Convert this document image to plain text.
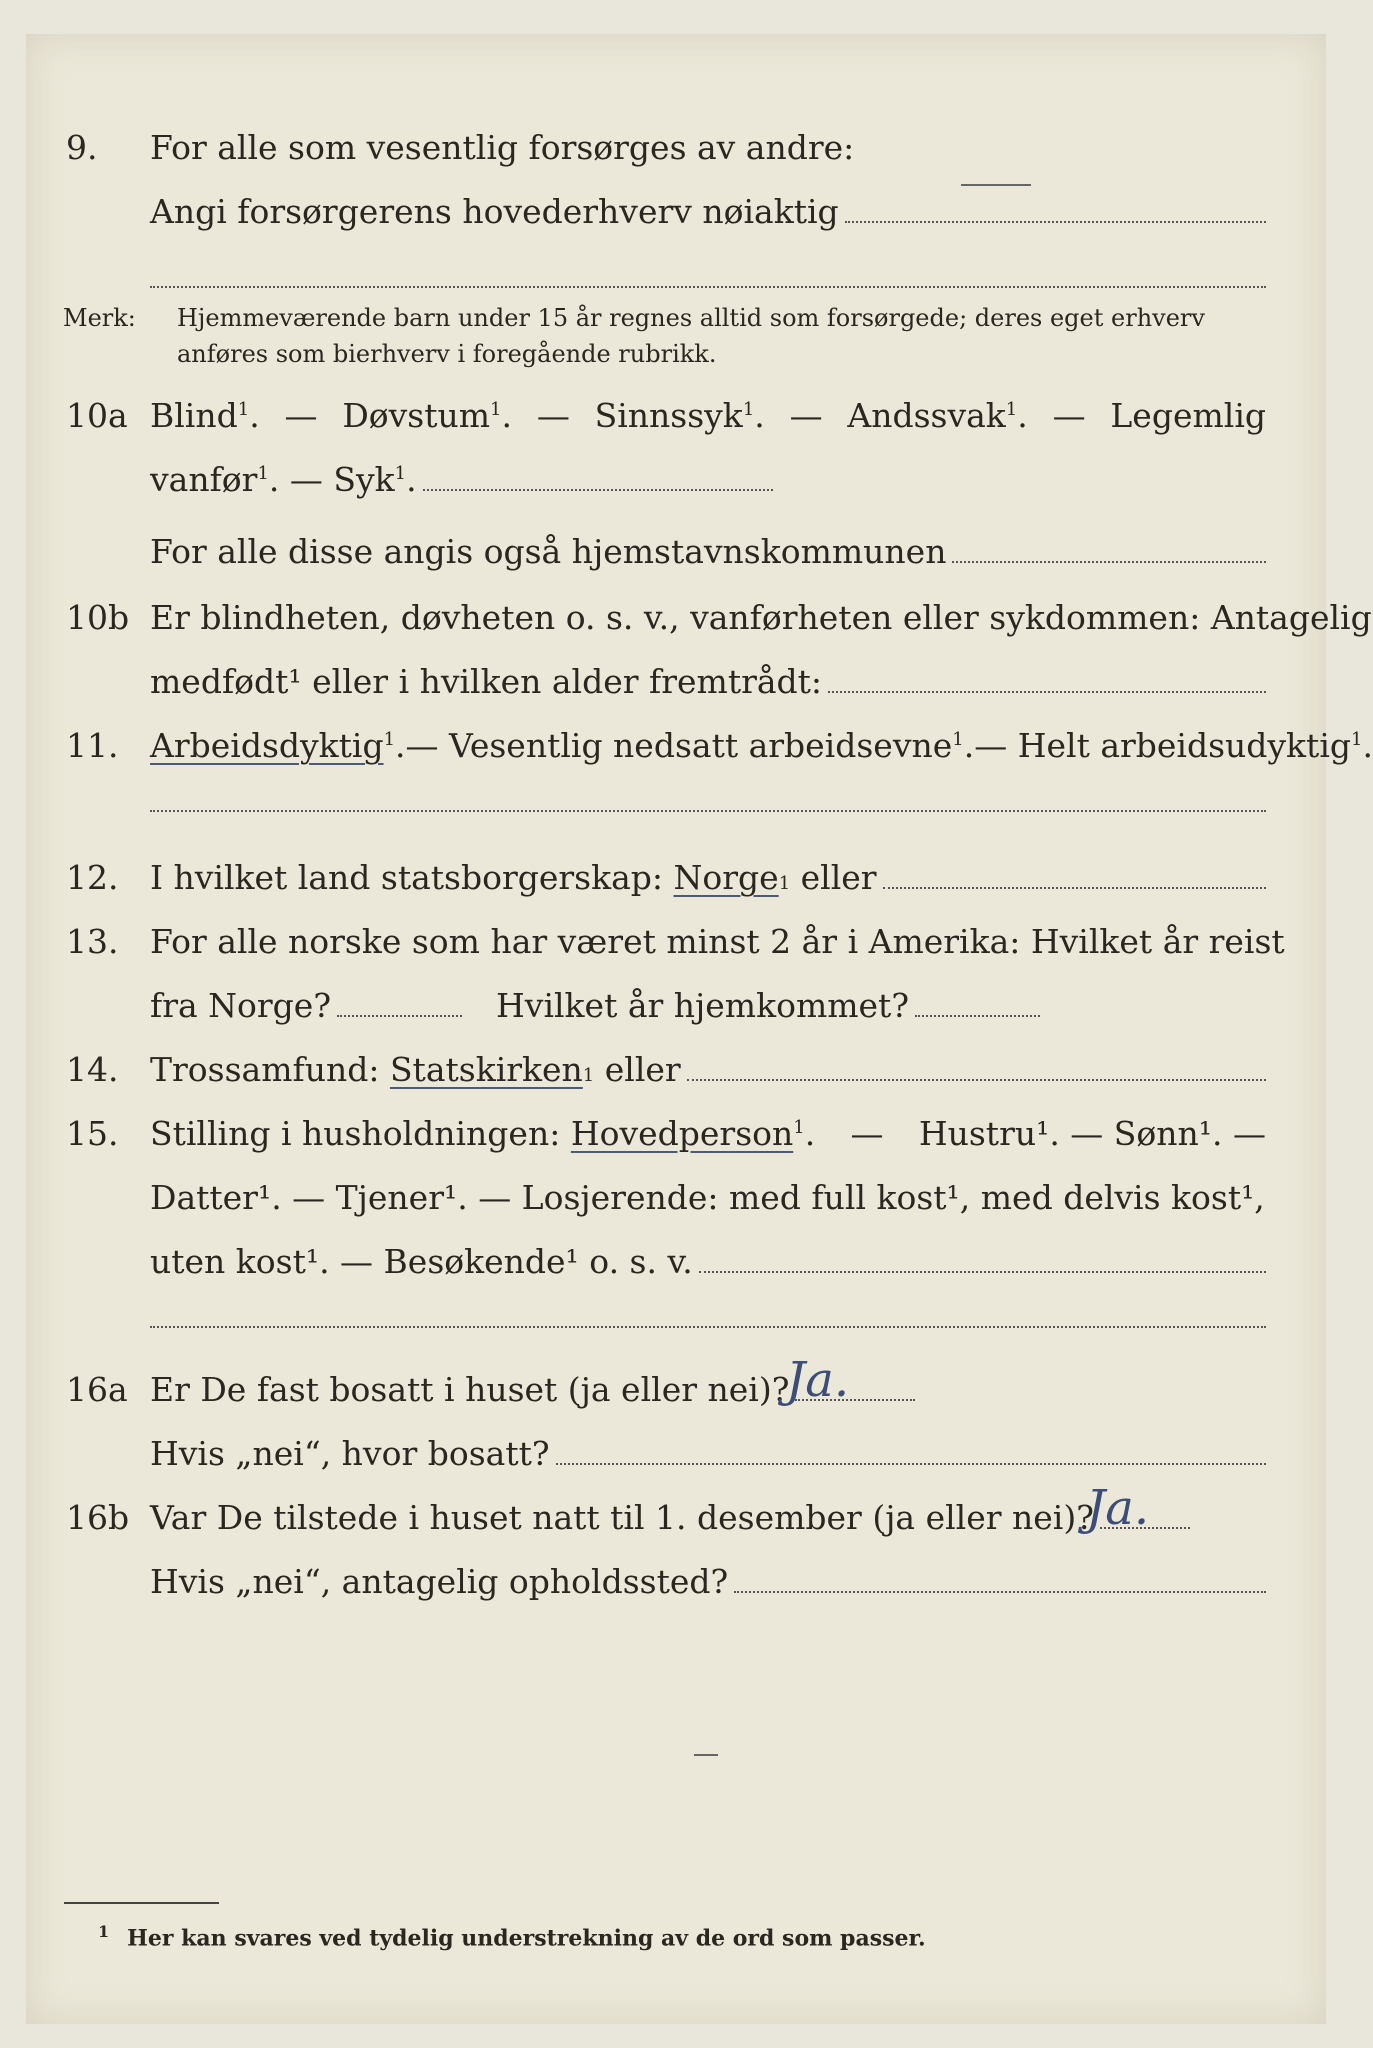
9.	For alle som vesentlig forsørges av andre:
Angi forsørgerens hovederhverv nøiaktig
Merk: Hjemmeværende barn under 15 år regnes alltid som forsørgede; deres eget erhverv
anføres som bierhverv i foregående rubrikk.
10a Blind$^1$. — Døvstum$^1$. — Sinnssyk$^1$. — Andssvak$^1$. — Legemlig
vanfør$^1$. — Syk$^1$.
For alle disse angis også hjemstavnskommunen
10b Er blindheten, døvheten o. s. v., vanførheten eller sykdommen: Antagelig
medfødt¹ eller i hvilken alder fremtrådt:
11. Arbeidsdyktig$^1$. — Vesentlig nedsatt arbeidsevne$^1$. — Helt arbeidsudyktig$^1$.
12. I hvilket land statsborgerskap: Norge 1 eller
13. For alle norske som har været minst 2 år i Amerika: Hvilket år reist
fra Norge?	Hvilket år hjemkommet?
14. Trossamfund: Statskirken 1 eller
15. Stilling i husholdningen: Hovedperson$^1$. — Hustru¹. — Sønn¹. —
Datter¹. — Tjener¹. — Losjerende: med full kost¹, med delvis kost¹,
uten kost¹. — Besøkende¹ o. s. v.
16a Er De fast bosatt i huset (ja eller nei)?
Ja.
Hvis „nei“, hvor bosatt?
16b Var De tilstede i huset natt til 1. desember (ja eller nei)?
Ja.
Hvis „nei“, antagelig opholdssted?
$^1$ Her kan svares ved tydelig understrekning av de ord som passer.
